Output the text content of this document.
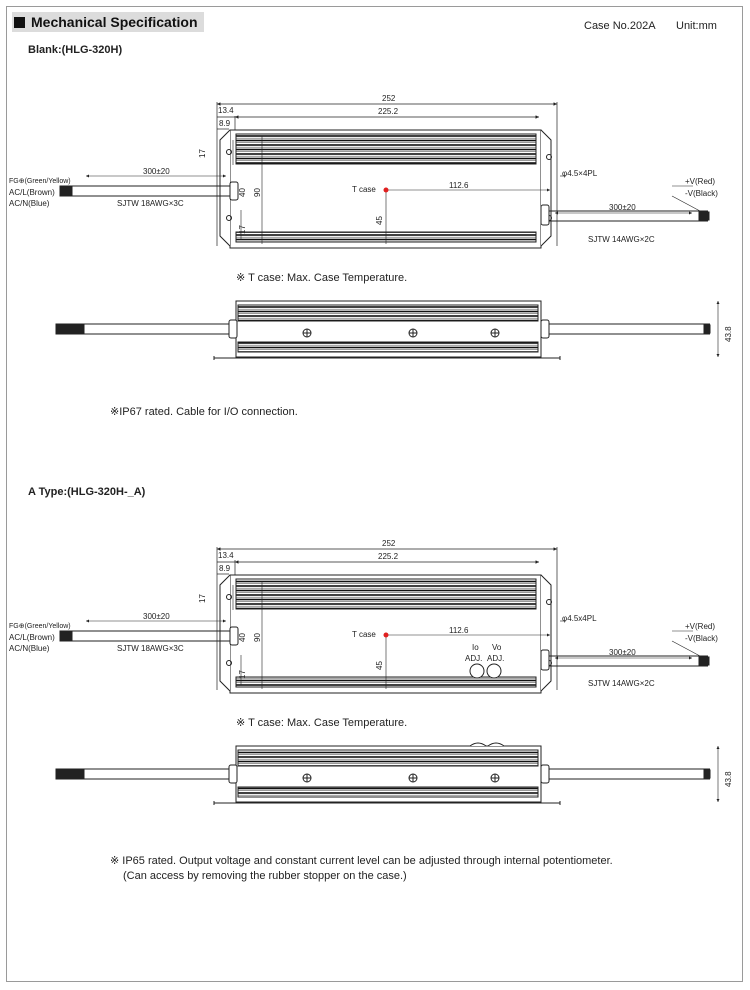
Mechanical Specification	Case No.202A Unit:mm
Blank:(HLG-320H)
252
225.2
13.4
8.9
17
40 90
17
45
112.6
T case
φ4.5×4PL
FG⊕(Green/Yellow)
AC/L(Brown)
AC/N(Blue)
300±20
SJTW 18AWG×3C
+V(Red)
-V(Black)
300±20
SJTW 14AWG×2C
※ T case: Max. Case Temperature.
43.8
※IP67 rated. Cable for I/O connection.
A Type:(HLG-320H-_A)
252
225.2
13.4
8.9
17
40 90
17
45
112.6
T case
φ4.5x4PL
Io
ADJ.
Vo
ADJ.
FG⊕(Green/Yellow)
AC/L(Brown)
AC/N(Blue)
300±20
SJTW 18AWG×3C
+V(Red)
-V(Black)
300±20
SJTW 14AWG×2C
※ T case: Max. Case Temperature.
43.8
※ IP65 rated. Output voltage and constant current level can be adjusted through internal potentiometer.
(Can access by removing the rubber stopper on the case.)
